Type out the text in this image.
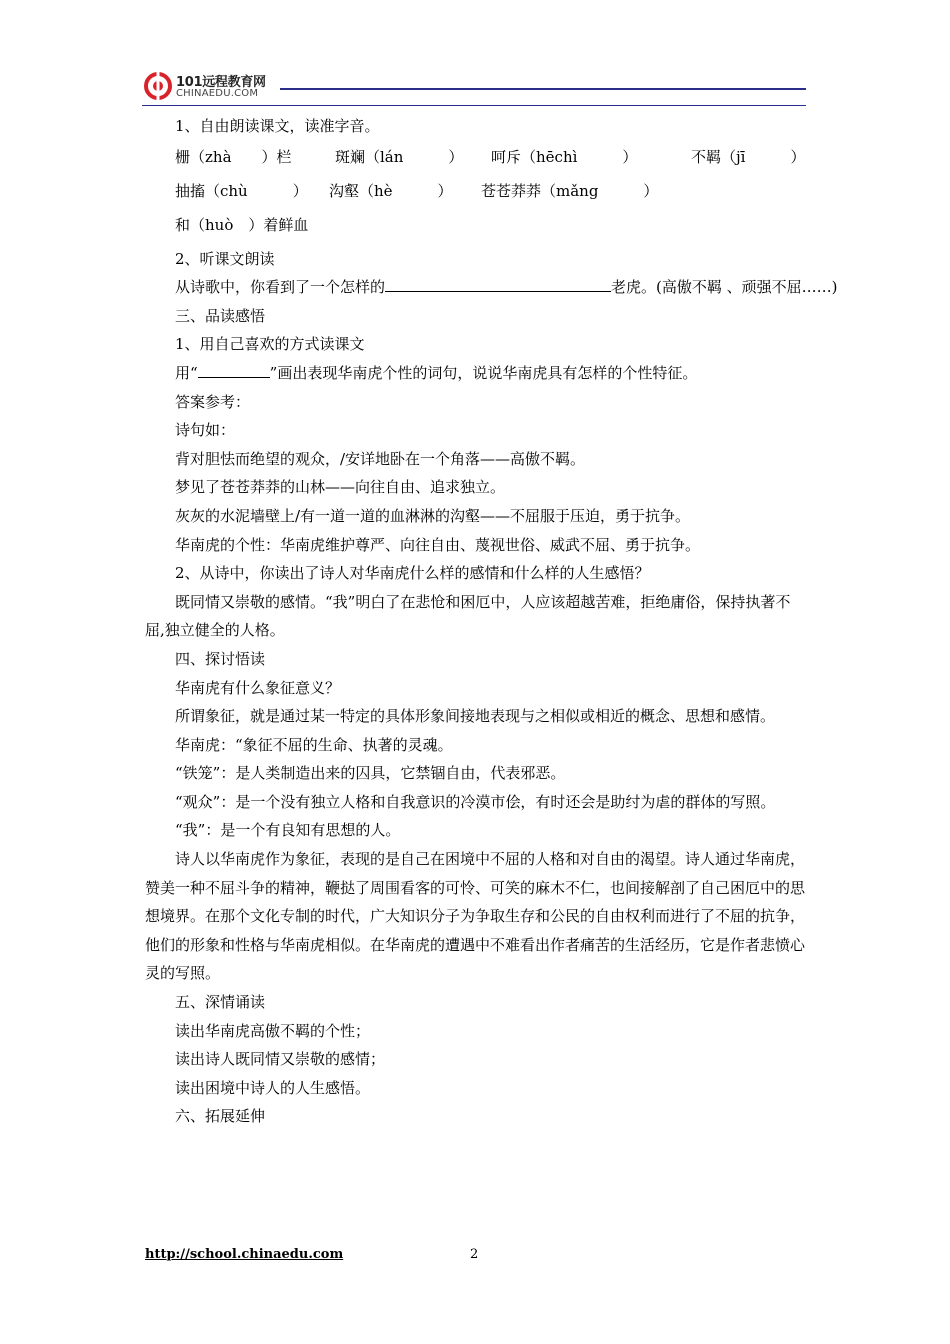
101远程教育网
CHINAEDU.COM

1、自由朗读课文，读准字音。

栅（zhà　　）栏	斑斓（lán　　　） 呵斥（hēchì　　　）	不羁（jī　　　）
抽搐（chù　　　） 沟壑（hè　　　） 苍苍莽莽（mǎng　　　）
和（huò　）着鲜血

2、听课文朗读

从诗歌中，你看到了一个怎样的	老虎。(高傲不羁 、顽强不屈……)

三、品读感悟

1、用自己喜欢的方式读课文

用“	”画出表现华南虎个性的词句，说说华南虎具有怎样的个性特征。

答案参考：

诗句如：

背对胆怯而绝望的观众，/安详地卧在一个角落——高傲不羁。

梦见了苍苍莽莽的山林——向往自由、追求独立。

灰灰的水泥墙壁上/有一道一道的血淋淋的沟壑——不屈服于压迫，勇于抗争。

华南虎的个性：华南虎维护尊严、向往自由、蔑视世俗、威武不屈、勇于抗争。

2、从诗中，你读出了诗人对华南虎什么样的感情和什么样的人生感悟？

既同情又崇敬的感情。“我”明白了在悲怆和困厄中，人应该超越苦难，拒绝庸俗，保持执著不屈,独立健全的人格。

四、探讨悟读

华南虎有什么象征意义？

所谓象征，就是通过某一特定的具体形象间接地表现与之相似或相近的概念、思想和感情。

华南虎：“象征不屈的生命、执著的灵魂。

“铁笼”：是人类制造出来的囚具，它禁锢自由，代表邪恶。

“观众”：是一个没有独立人格和自我意识的冷漠市侩，有时还会是助纣为虐的群体的写照。

“我”：是一个有良知有思想的人。

诗人以华南虎作为象征，表现的是自己在困境中不屈的人格和对自由的渴望。诗人通过华南虎，赞美一种不屈斗争的精神，鞭挞了周围看客的可怜、可笑的麻木不仁，也间接解剖了自己困厄中的思想境界。在那个文化专制的时代，广大知识分子为争取生存和公民的自由权利而进行了不屈的抗争，他们的形象和性格与华南虎相似。在华南虎的遭遇中不难看出作者痛苦的生活经历，它是作者悲愤心灵的写照。

五、深情诵读

读出华南虎高傲不羁的个性；

读出诗人既同情又崇敬的感情；

读出困境中诗人的人生感悟。

六、拓展延伸

http://school.chinaedu.com	2
